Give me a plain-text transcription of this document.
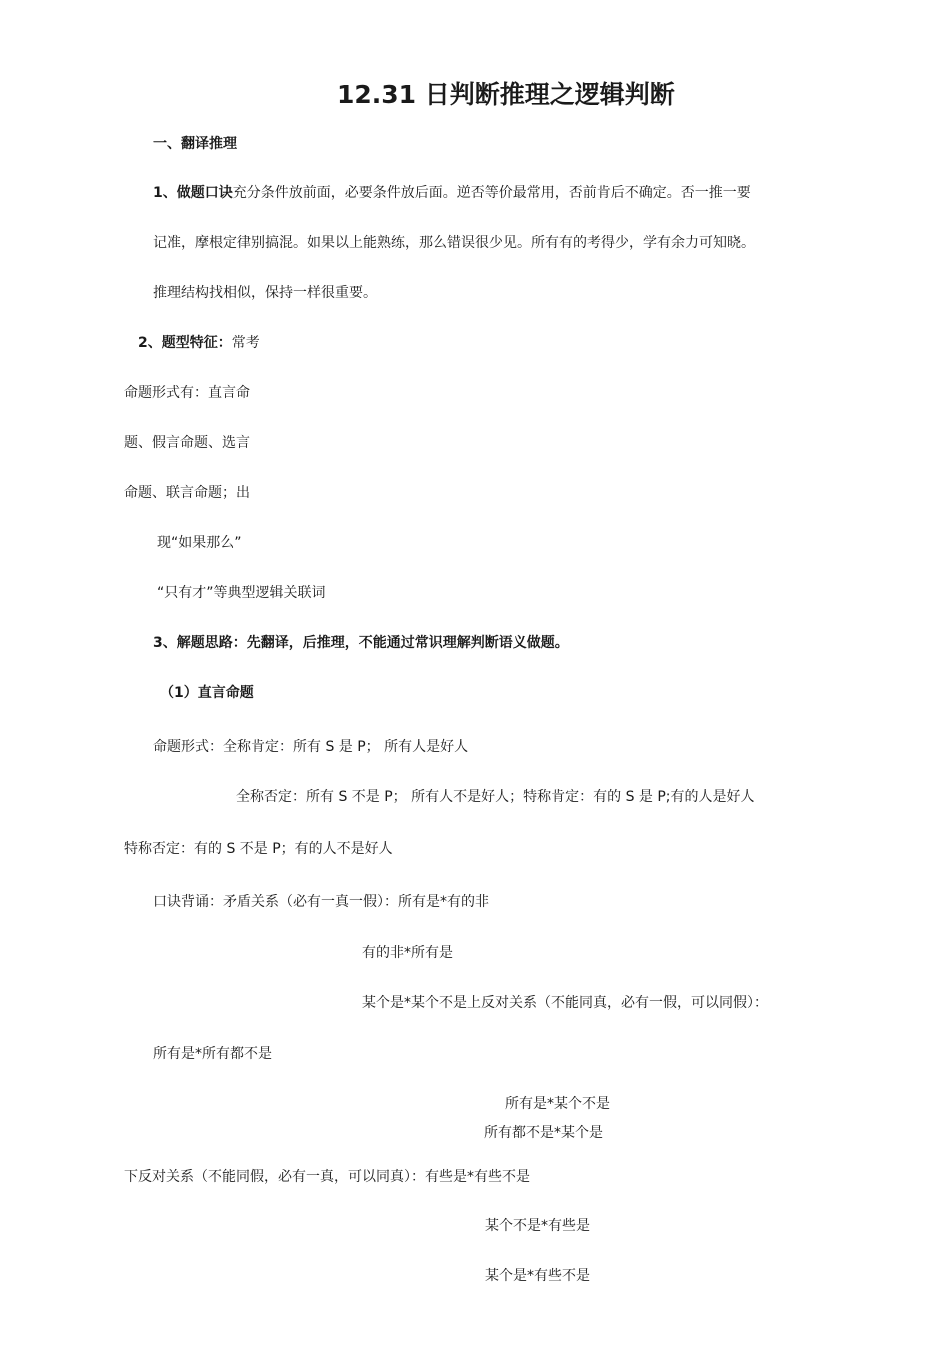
12.31 日判断推理之逻辑判断
一、翻译推理
1、做题口诀充分条件放前面，必要条件放后面。逆否等价最常用，否前肯后不确定。否一推一要
记准，摩根定律别搞混。如果以上能熟练，那么错误很少见。所有有的考得少，学有余力可知晓。
推理结构找相似，保持一样很重要。
2、题型特征：常考
命题形式有：直言命
题、假言命题、选言
命题、联言命题；出
现“如果那么”
“只有才”等典型逻辑关联词
3、解题思路：先翻译，后推理，不能通过常识理解判断语义做题。
（1）直言命题
命题形式：全称肯定：所有 S 是 P； 所有人是好人
全称否定：所有 S 不是 P； 所有人不是好人；特称肯定：有的 S 是 P;有的人是好人
特称否定：有的 S 不是 P；有的人不是好人
口诀背诵：矛盾关系（必有一真一假）：所有是*有的非
有的非*所有是
某个是*某个不是上反对关系（不能同真，必有一假，可以同假）：
所有是*所有都不是
所有是*某个不是
所有都不是*某个是
下反对关系（不能同假，必有一真，可以同真）：有些是*有些不是
某个不是*有些是
某个是*有些不是
